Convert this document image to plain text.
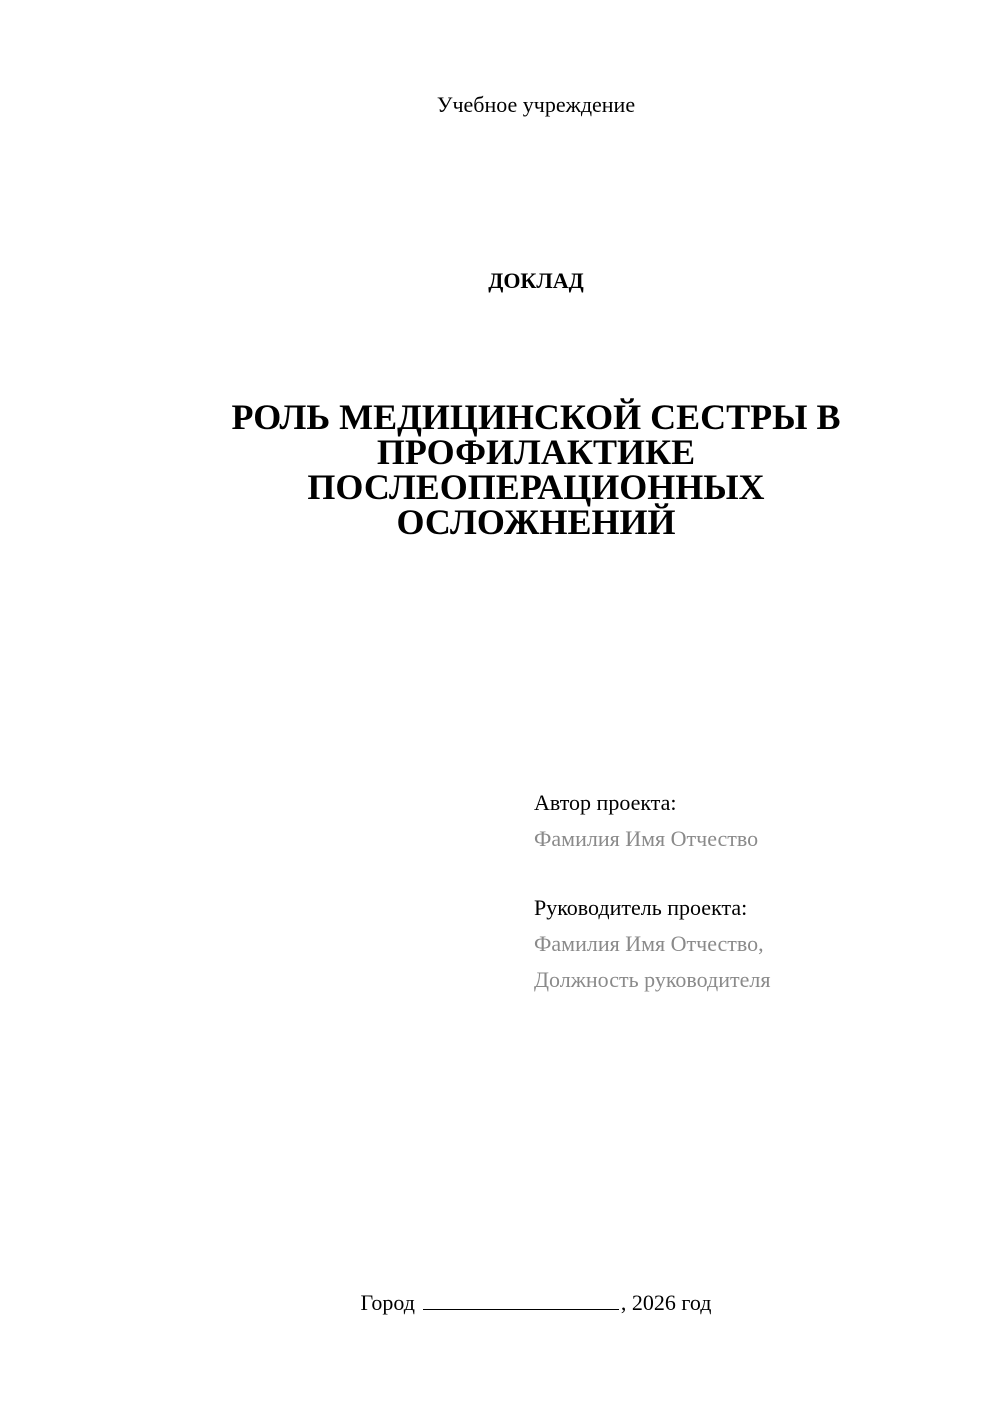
Учебное учреждение
ДОКЛАД
РОЛЬ МЕДИЦИНСКОЙ СЕСТРЫ В
ПРОФИЛАКТИКЕ
ПОСЛЕОПЕРАЦИОННЫХ
ОСЛОЖНЕНИЙ
Автор проекта:
Фамилия Имя Отчество
Руководитель проекта:
Фамилия Имя Отчество,
Должность руководителя
Город	, 2026 год
